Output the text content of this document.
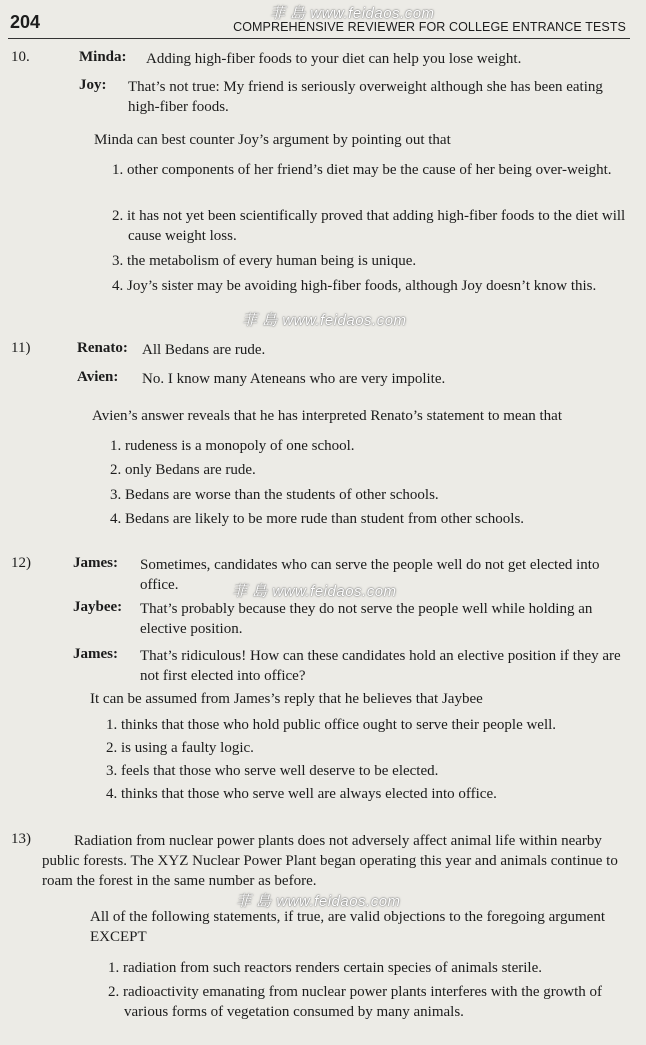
204	COMPREHENSIVE REVIEWER FOR COLLEGE ENTRANCE TESTS
菲 島 www.feidaos.com
菲 島 www.feidaos.com
菲 島 www.feidaos.com
菲 島 www.feidaos.com
10.	Minda: Adding high-fiber foods to your diet can help you lose weight.
Joy: That’s not true: My friend is seriously overweight although she has been eating high-fiber foods.
Minda can best counter Joy’s argument by pointing out that
1. other components of her friend’s diet may be the cause of her being over-weight.
2. it has not yet been scientifically proved that adding high-fiber foods to the diet will cause weight loss.
3. the metabolism of every human being is unique.
4. Joy’s sister may be avoiding high-fiber foods, although Joy doesn’t know this.
11)	Renato: All Bedans are rude.
Avien: No. I know many Ateneans who are very impolite.
Avien’s answer reveals that he has interpreted Renato’s statement to mean that
1. rudeness is a monopoly of one school.
2. only Bedans are rude.
3. Bedans are worse than the students of other schools.
4. Bedans are likely to be more rude than student from other schools.
12)	James: Sometimes, candidates who can serve the people well do not get elected into office.
Jaybee: That’s probably because they do not serve the people well while holding an elective position.
James: That’s ridiculous! How can these candidates hold an elective position if they are not first elected into office?
It can be assumed from James’s reply that he believes that Jaybee
1. thinks that those who hold public office ought to serve their people well.
2. is using a faulty logic.
3. feels that those who serve well deserve to be elected.
4. thinks that those who serve well are always elected into office.
13)	Radiation from nuclear power plants does not adversely affect animal life within nearby public forests. The XYZ Nuclear Power Plant began operating this year and animals continue to roam the forest in the same number as before.
All of the following statements, if true, are valid objections to the foregoing argument EXCEPT
1. radiation from such reactors renders certain species of animals sterile.
2. radioactivity emanating from nuclear power plants interferes with the growth of various forms of vegetation consumed by many animals.
